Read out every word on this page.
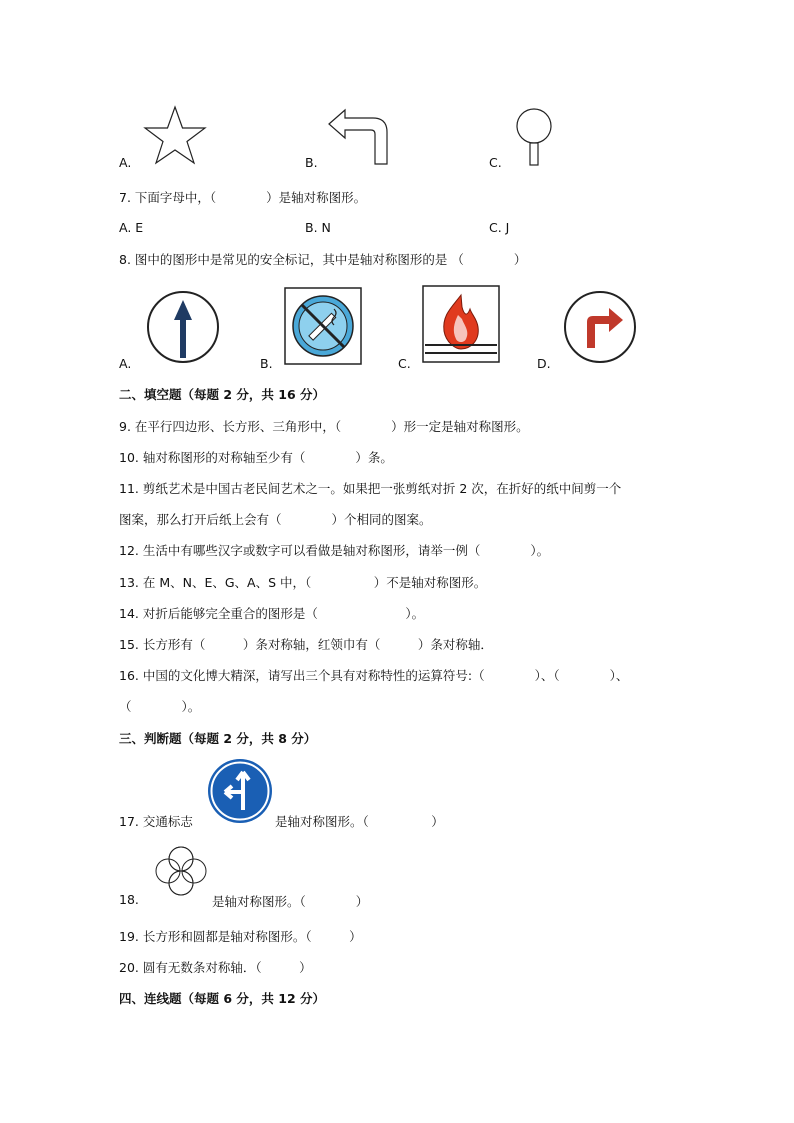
A.	B.	C.
7. 下面字母中，（　　　　）是轴对称图形。
A. E	B. N	C. J
8. 图中的图形中是常见的安全标记，其中是轴对称图形的是 （　　　　）
A.	B.	C.	D.
二、填空题（每题 2 分，共 16 分）
9. 在平行四边形、长方形、三角形中，（　　　　）形一定是轴对称图形。
10. 轴对称图形的对称轴至少有（　　　　）条。
11. 剪纸艺术是中国古老民间艺术之一。如果把一张剪纸对折 2 次，在折好的纸中间剪一个
图案，那么打开后纸上会有（　　　　）个相同的图案。
12. 生活中有哪些汉字或数字可以看做是轴对称图形，请举一例（　　　　）。
13. 在 M、N、E、G、A、S 中，（　　　　　）不是轴对称图形。
14. 对折后能够完全重合的图形是（　　　　　　　）。
15. 长方形有（　　　）条对称轴，红领巾有（　　　）条对称轴．
16. 中国的文化博大精深，请写出三个具有对称特性的运算符号:（　　　　）、（　　　　）、
（　　　　）。
三、判断题（每题 2 分，共 8 分）
17. 交通标志	是轴对称图形。（　　　　　）
18.	是轴对称图形。（　　　　）
19. 长方形和圆都是轴对称图形。（　　　）
20. 圆有无数条对称轴．（　　　）
四、连线题（每题 6 分，共 12 分）
